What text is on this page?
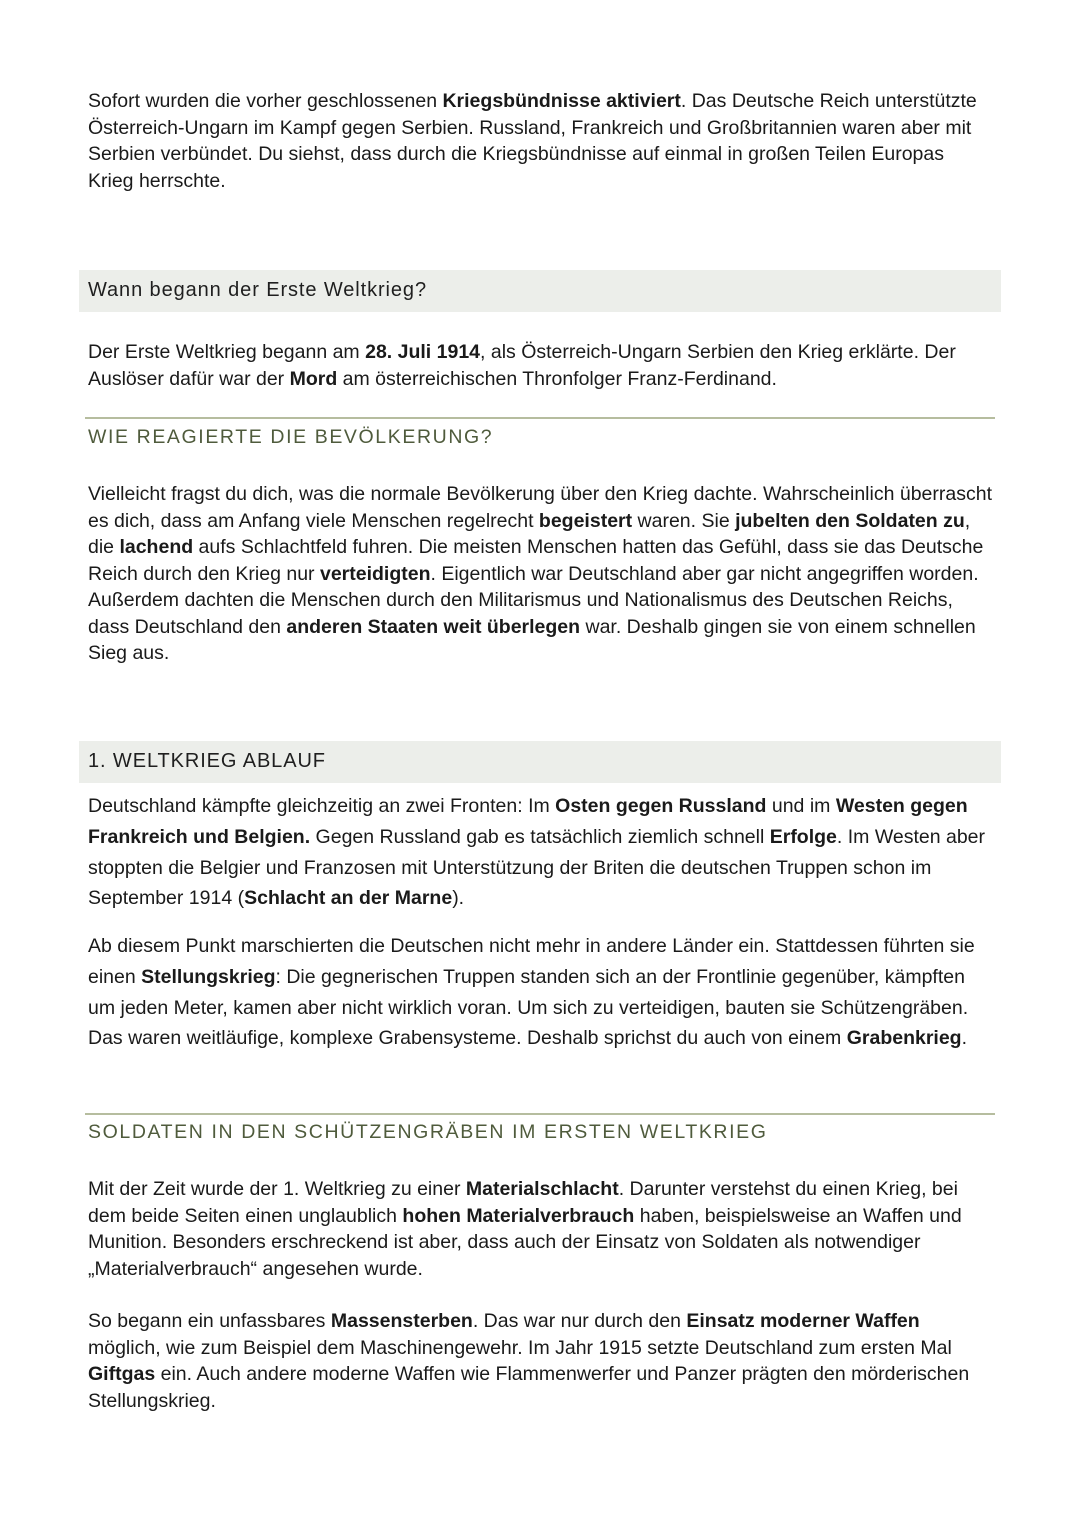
Sofort wurden die vorher geschlossenen Kriegsbündnisse aktiviert. Das Deutsche Reich unterstützte Österreich-Ungarn im Kampf gegen Serbien. Russland, Frankreich und Großbritannien waren aber mit Serbien verbündet. Du siehst, dass durch die Kriegsbündnisse auf einmal in großen Teilen Europas Krieg herrschte.

Wann begann der Erste Weltkrieg?

Der Erste Weltkrieg begann am 28. Juli 1914, als Österreich-Ungarn Serbien den Krieg erklärte. Der Auslöser dafür war der Mord am österreichischen Thronfolger Franz-Ferdinand.

WIE REAGIERTE DIE BEVÖLKERUNG?

Vielleicht fragst du dich, was die normale Bevölkerung über den Krieg dachte. Wahrscheinlich überrascht es dich, dass am Anfang viele Menschen regelrecht begeistert waren. Sie jubelten den Soldaten zu, die lachend aufs Schlachtfeld fuhren. Die meisten Menschen hatten das Gefühl, dass sie das Deutsche Reich durch den Krieg nur verteidigten. Eigentlich war Deutschland aber gar nicht angegriffen worden. Außerdem dachten die Menschen durch den Militarismus und Nationalismus des Deutschen Reichs, dass Deutschland den anderen Staaten weit überlegen war. Deshalb gingen sie von einem schnellen Sieg aus.

1. WELTKRIEG ABLAUF

Deutschland kämpfte gleichzeitig an zwei Fronten: Im Osten gegen Russland und im Westen gegen Frankreich und Belgien. Gegen Russland gab es tatsächlich ziemlich schnell Erfolge. Im Westen aber stoppten die Belgier und Franzosen mit Unterstützung der Briten die deutschen Truppen schon im September 1914 (Schlacht an der Marne).

Ab diesem Punkt marschierten die Deutschen nicht mehr in andere Länder ein. Stattdessen führten sie einen Stellungskrieg: Die gegnerischen Truppen standen sich an der Frontlinie gegenüber, kämpften um jeden Meter, kamen aber nicht wirklich voran. Um sich zu verteidigen, bauten sie Schützengräben. Das waren weitläufige, komplexe Grabensysteme. Deshalb sprichst du auch von einem Grabenkrieg.

SOLDATEN IN DEN SCHÜTZENGRÄBEN IM ERSTEN WELTKRIEG

Mit der Zeit wurde der 1. Weltkrieg zu einer Materialschlacht. Darunter verstehst du einen Krieg, bei dem beide Seiten einen unglaublich hohen Materialverbrauch haben, beispielsweise an Waffen und Munition. Besonders erschreckend ist aber, dass auch der Einsatz von Soldaten als notwendiger „Materialverbrauch“ angesehen wurde.

So begann ein unfassbares Massensterben. Das war nur durch den Einsatz moderner Waffen möglich, wie zum Beispiel dem Maschinengewehr. Im Jahr 1915 setzte Deutschland zum ersten Mal Giftgas ein. Auch andere moderne Waffen wie Flammenwerfer und Panzer prägten den mörderischen Stellungskrieg.
